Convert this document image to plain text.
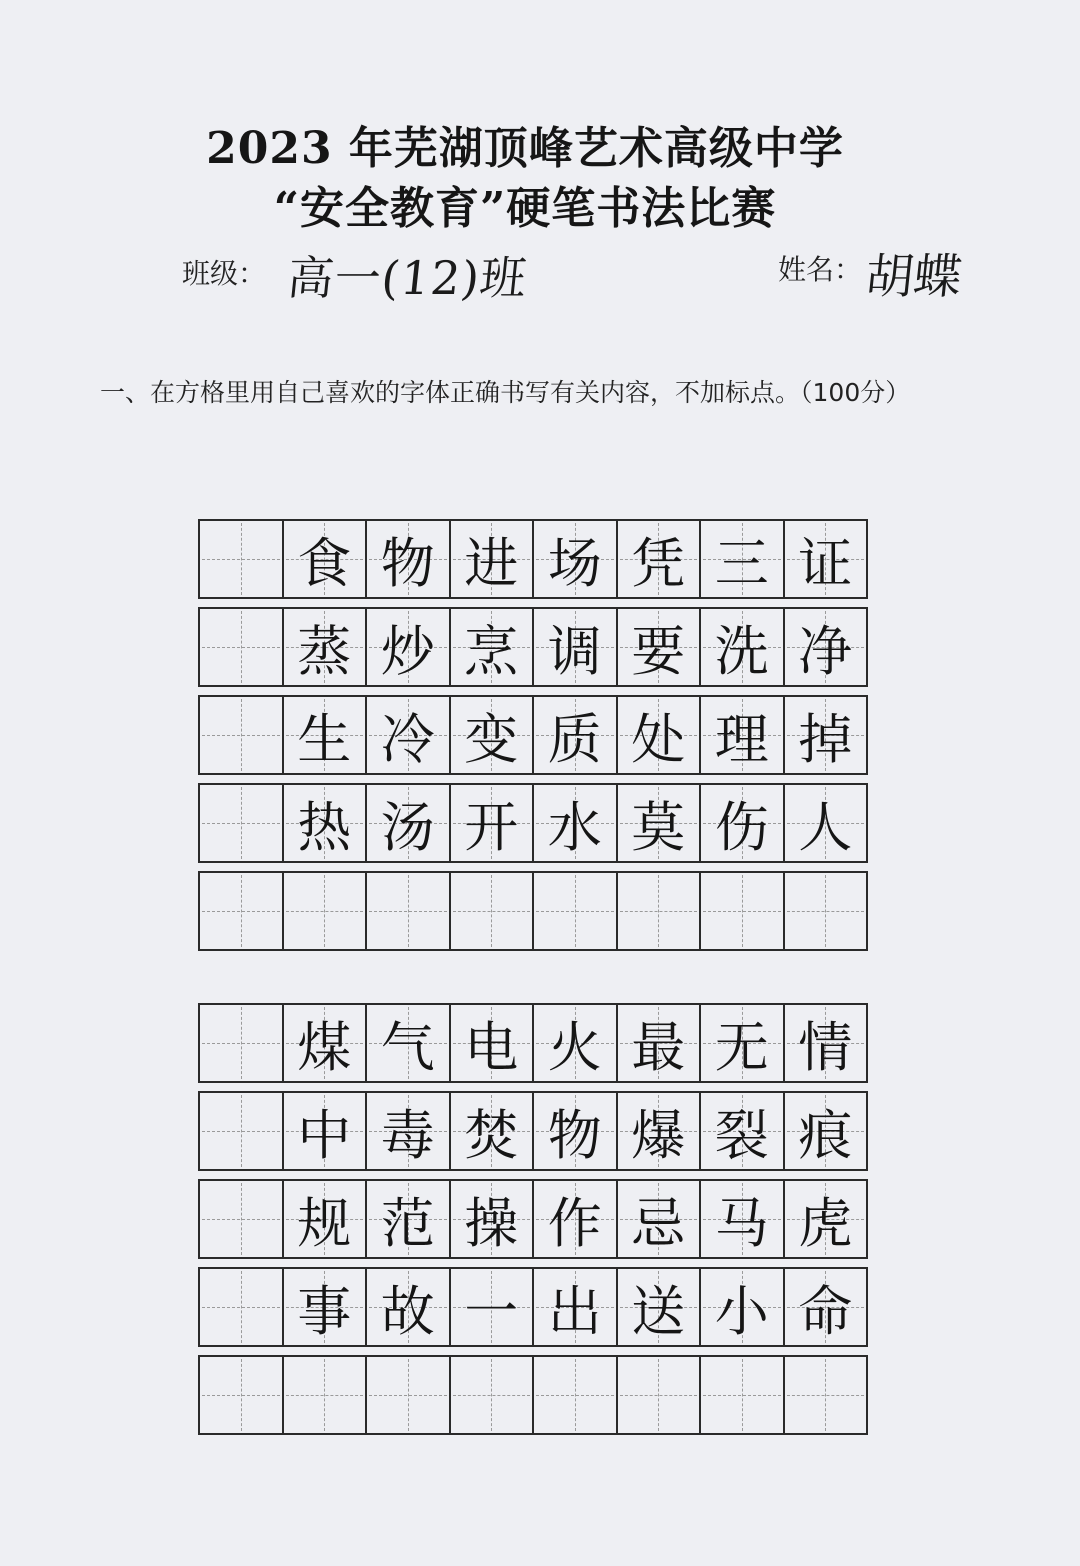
2023 年芜湖顶峰艺术高级中学
“安全教育”硬笔书法比赛
班级： 高一(12)班	姓名： 胡蝶
一、在方格里用自己喜欢的字体正确书写有关内容，不加标点。（100分）
食 物 进 场 凭 三 证
蒸 炒 烹 调 要 洗 净
生 冷 变 质 处 理 掉
热 汤 开 水 莫 伤 人
煤 气 电 火 最 无 情
中 毒 焚 物 爆 裂 痕
规 范 操 作 忌 马 虎
事 故 一 出 送 小 命
